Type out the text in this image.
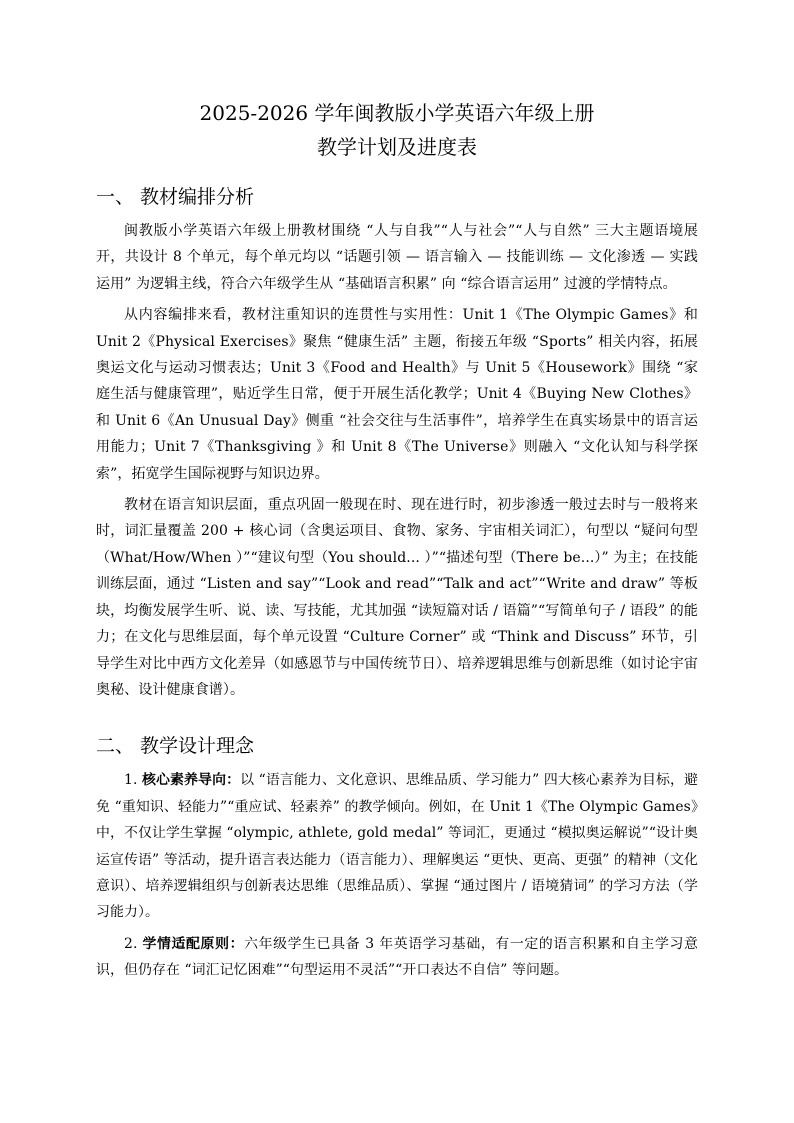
2025-2026 学年闽教版小学英语六年级上册
教学计划及进度表
一、 教材编排分析

闽教版小学英语六年级上册教材围绕 “人与自我”“人与社会”“人与自然” 三大主题语境展开，共设计 8 个单元，每个单元均以 “话题引领 — 语言输入 — 技能训练 — 文化渗透 — 实践运用” 为逻辑主线，符合六年级学生从 “基础语言积累” 向 “综合语言运用” 过渡的学情特点。

从内容编排来看，教材注重知识的连贯性与实用性：Unit 1《The Olympic Games》和 Unit 2《Physical Exercises》聚焦 “健康生活” 主题，衔接五年级 “Sports” 相关内容，拓展奥运文化与运动习惯表达；Unit 3《Food and Health》与 Unit 5《Housework》围绕 “家庭生活与健康管理”，贴近学生日常，便于开展生活化教学；Unit 4《Buying New Clothes》和 Unit 6《An Unusual Day》侧重 “社会交往与生活事件”，培养学生在真实场景中的语言运用能力；Unit 7《Thanksgiving 》和 Unit 8《The Universe》则融入 “文化认知与科学探索”，拓宽学生国际视野与知识边界。

教材在语言知识层面，重点巩固一般现在时、现在进行时，初步渗透一般过去时与一般将来时，词汇量覆盖 200 + 核心词（含奥运项目、食物、家务、宇宙相关词汇），句型以 “疑问句型（What/How/When ）”“建议句型（You should... ）”“描述句型（There be...）” 为主；在技能训练层面，通过 “Listen and say”“Look and read”“Talk and act”“Write and draw” 等板块，均衡发展学生听、说、读、写技能，尤其加强 “读短篇对话 / 语篇”“写简单句子 / 语段” 的能力；在文化与思维层面，每个单元设置 “Culture Corner” 或 “Think and Discuss” 环节，引导学生对比中西方文化差异（如感恩节与中国传统节日）、培养逻辑思维与创新思维（如讨论宇宙奥秘、设计健康食谱）。

二、 教学设计理念

1. 核心素养导向：以 “语言能力、文化意识、思维品质、学习能力” 四大核心素养为目标，避免 “重知识、轻能力”“重应试、轻素养” 的教学倾向。例如，在 Unit 1《The Olympic Games》中，不仅让学生掌握 “olympic, athlete, gold medal” 等词汇，更通过 “模拟奥运解说”“设计奥运宣传语” 等活动，提升语言表达能力（语言能力）、理解奥运 “更快、更高、更强” 的精神（文化意识）、培养逻辑组织与创新表达思维（思维品质）、掌握 “通过图片 / 语境猜词” 的学习方法（学习能力）。

2. 学情适配原则：六年级学生已具备 3 年英语学习基础，有一定的语言积累和自主学习意识，但仍存在 “词汇记忆困难”“句型运用不灵活”“开口表达不自信” 等问题。
